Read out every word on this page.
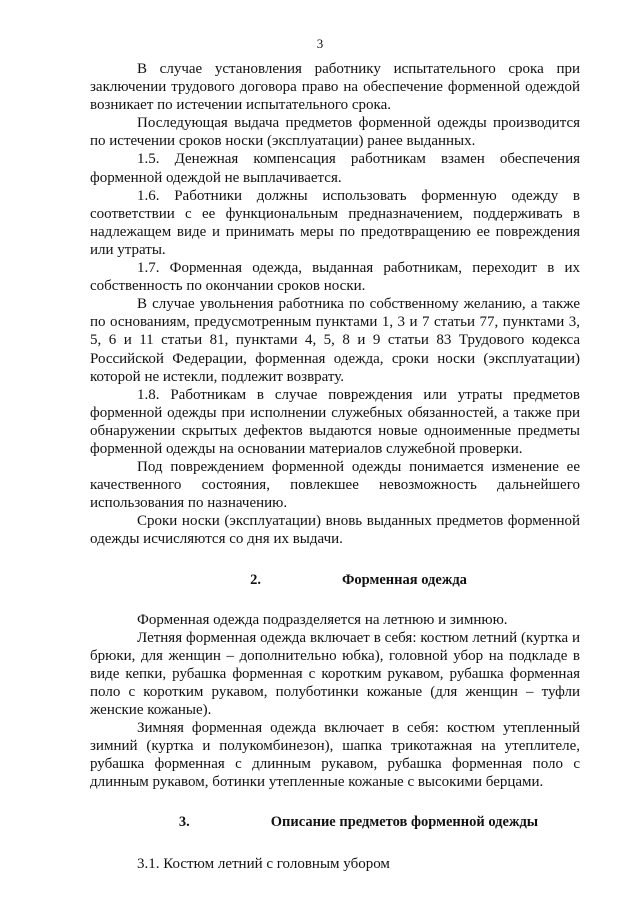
3

В случае установления работнику испытательного срока при заключении трудового договора право на обеспечение форменной одеждой возникает по истечении испытательного срока.

Последующая выдача предметов форменной одежды производится по истечении сроков носки (эксплуатации) ранее выданных.

1.5. Денежная компенсация работникам взамен обеспечения форменной одеждой не выплачивается.

1.6. Работники должны использовать форменную одежду в соответствии с ее функциональным предназначением, поддерживать в надлежащем виде и принимать меры по предотвращению ее повреждения или утраты.

1.7. Форменная одежда, выданная работникам, переходит в их собственность по окончании сроков носки.

В случае увольнения работника по собственному желанию, а также по основаниям, предусмотренным пунктами 1, 3 и 7 статьи 77, пунктами 3, 5, 6 и 11 статьи 81, пунктами 4, 5, 8 и 9 статьи 83 Трудового кодекса Российской Федерации, форменная одежда, сроки носки (эксплуатации) которой не истекли, подлежит возврату.

1.8. Работникам в случае повреждения или утраты предметов форменной одежды при исполнении служебных обязанностей, а также при обнаружении скрытых дефектов выдаются новые одноименные предметы форменной одежды на основании материалов служебной проверки.

Под повреждением форменной одежды понимается изменение ее качественного состояния, повлекшее невозможность дальнейшего использования по назначению.

Сроки носки (эксплуатации) вновь выданных предметов форменной одежды исчисляются со дня их выдачи.

2.	Форменная одежда

Форменная одежда подразделяется на летнюю и зимнюю.

Летняя форменная одежда включает в себя: костюм летний (куртка и брюки, для женщин – дополнительно юбка), головной убор на подкладе в виде кепки, рубашка форменная с коротким рукавом, рубашка форменная поло с коротким рукавом, полуботинки кожаные (для женщин – туфли женские кожаные).

Зимняя форменная одежда включает в себя: костюм утепленный зимний (куртка и полукомбинезон), шапка трикотажная на утеплителе, рубашка форменная с длинным рукавом, рубашка форменная поло с длинным рукавом, ботинки утепленные кожаные с высокими берцами.

3.	Описание предметов форменной одежды

3.1. Костюм летний с головным убором
